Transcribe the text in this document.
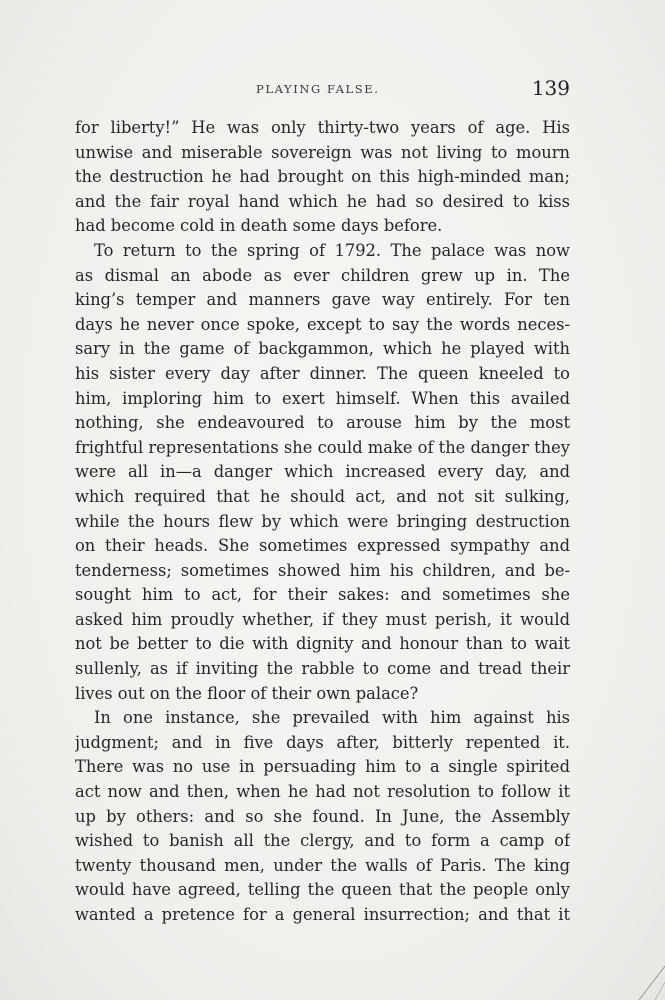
PLAYING FALSE.	139
for liberty!” He was only thirty-two years of age. His
unwise and miserable sovereign was not living to mourn
the destruction he had brought on this high-minded man;
and the fair royal hand which he had so desired to kiss
had become cold in death some days before.
To return to the spring of 1792. The palace was now
as dismal an abode as ever children grew up in. The
king’s temper and manners gave way entirely. For ten
days he never once spoke, except to say the words neces-
sary in the game of backgammon, which he played with
his sister every day after dinner. The queen kneeled to
him, imploring him to exert himself. When this availed
nothing, she endeavoured to arouse him by the most
frightful representations she could make of the danger they
were all in—a danger which increased every day, and
which required that he should act, and not sit sulking,
while the hours flew by which were bringing destruction
on their heads. She sometimes expressed sympathy and
tenderness; sometimes showed him his children, and be-
sought him to act, for their sakes: and sometimes she
asked him proudly whether, if they must perish, it would
not be better to die with dignity and honour than to wait
sullenly, as if inviting the rabble to come and tread their
lives out on the floor of their own palace?
In one instance, she prevailed with him against his
judgment; and in five days after, bitterly repented it.
There was no use in persuading him to a single spirited
act now and then, when he had not resolution to follow it
up by others: and so she found. In June, the Assembly
wished to banish all the clergy, and to form a camp of
twenty thousand men, under the walls of Paris. The king
would have agreed, telling the queen that the people only
wanted a pretence for a general insurrection; and that it
